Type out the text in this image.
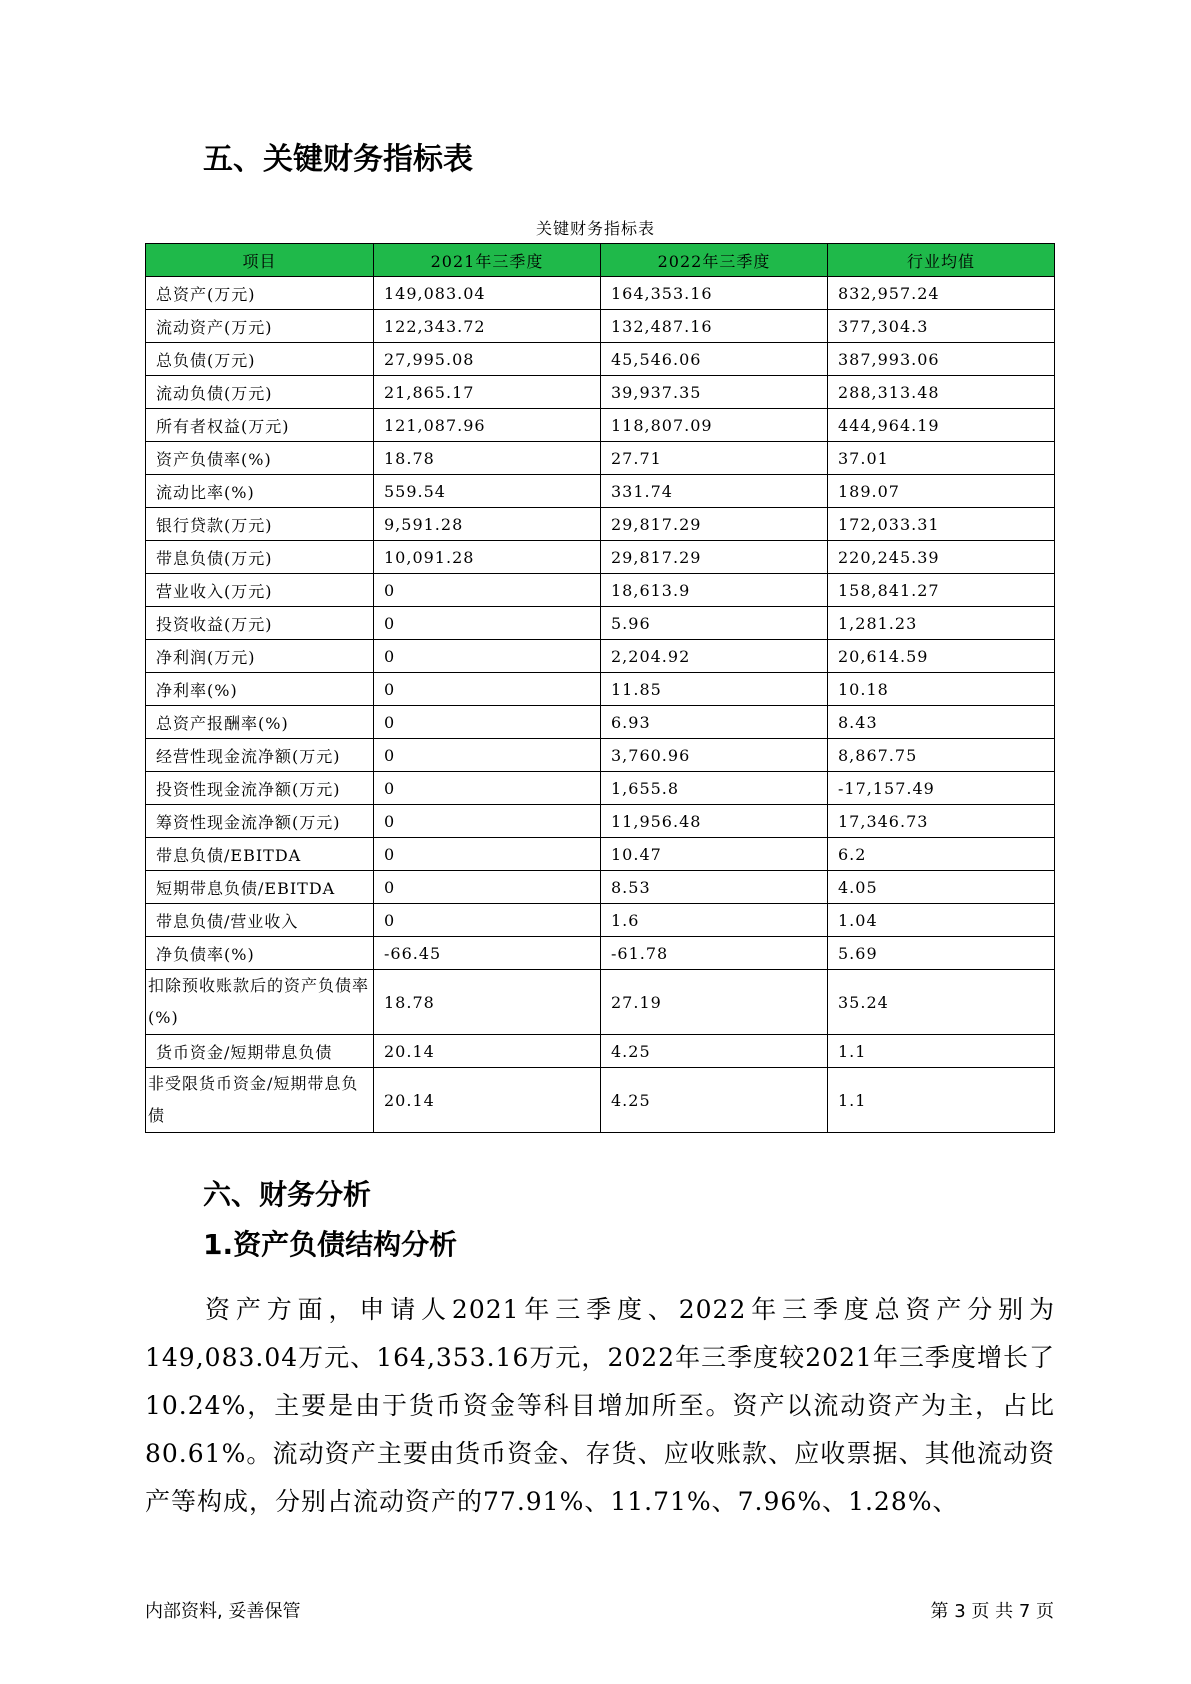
五、关键财务指标表

关键财务指标表

项目	2021年三季度	2022年三季度	行业均值
总资产(万元)	149,083.04	164,353.16	832,957.24
流动资产(万元)	122,343.72	132,487.16	377,304.3
总负债(万元)	27,995.08	45,546.06	387,993.06
流动负债(万元)	21,865.17	39,937.35	288,313.48
所有者权益(万元)	121,087.96	118,807.09	444,964.19
资产负债率(%)	18.78	27.71	37.01
流动比率(%)	559.54	331.74	189.07
银行贷款(万元)	9,591.28	29,817.29	172,033.31
带息负债(万元)	10,091.28	29,817.29	220,245.39
营业收入(万元)	0	18,613.9	158,841.27
投资收益(万元)	0	5.96	1,281.23
净利润(万元)	0	2,204.92	20,614.59
净利率(%)	0	11.85	10.18
总资产报酬率(%)	0	6.93	8.43
经营性现金流净额(万元)	0	3,760.96	8,867.75
投资性现金流净额(万元)	0	1,655.8	-17,157.49
筹资性现金流净额(万元)	0	11,956.48	17,346.73
带息负债/EBITDA	0	10.47	6.2
短期带息负债/EBITDA	0	8.53	4.05
带息负债/营业收入	0	1.6	1.04
净负债率(%)	-66.45	-61.78	5.69
扣除预收账款后的资产负债率(%)	18.78	27.19	35.24
货币资金/短期带息负债	20.14	4.25	1.1
非受限货币资金/短期带息负债	20.14	4.25	1.1
六、财务分析
1.资产负债结构分析

资产方面，申请人2021年三季度、2022年三季度总资产分别为149,083.04万元、164,353.16万元，2022年三季度较2021年三季度增长了10.24%，主要是由于货币资金等科目增加所至。资产以流动资产为主，占比80.61%。流动资产主要由货币资金、存货、应收账款、应收票据、其他流动资产等构成，分别占流动资产的77.91%、11.71%、7.96%、1.28%、

内部资料, 妥善保管	第 3 页 共 7 页
